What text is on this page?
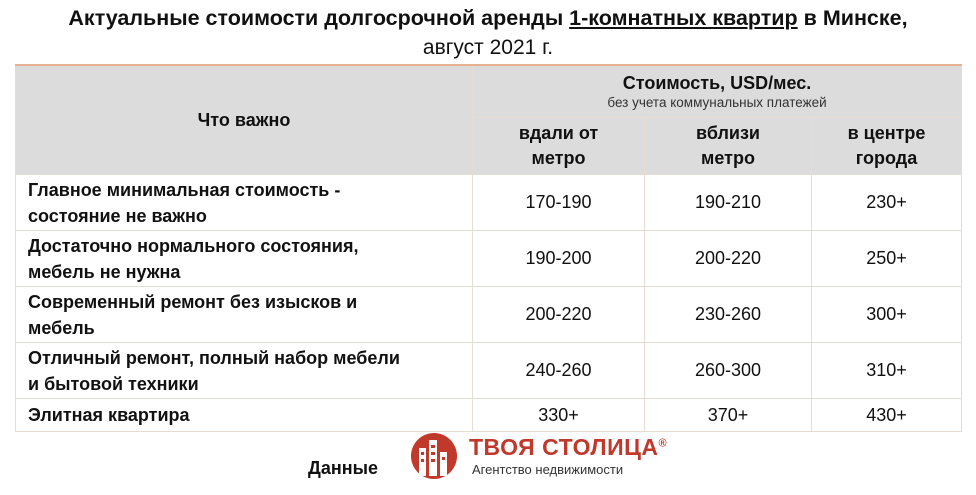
Актуальные стоимости долгосрочной аренды 1-комнатных квартир в Минске,
август 2021 г.
Что важно	Стоимость, USD/мес.
без учета коммунальных платежей		

	вдали от
метро	вблизи
метро	в центре
города
Главное минимальная стоимость -
состояние не важно	170-190	190-210	230+
Достаточно нормального состояния,
мебель не нужна	190-200	200-220	250+
Современный ремонт без изысков и
мебель	200-220	230-260	300+
Отличный ремонт, полный набор мебели
и бытовой техники	240-260	260-300	310+
Элитная квартира	330+	370+	430+
Данные
ТВОЯ СТОЛИЦА®
Агентство недвижимости
